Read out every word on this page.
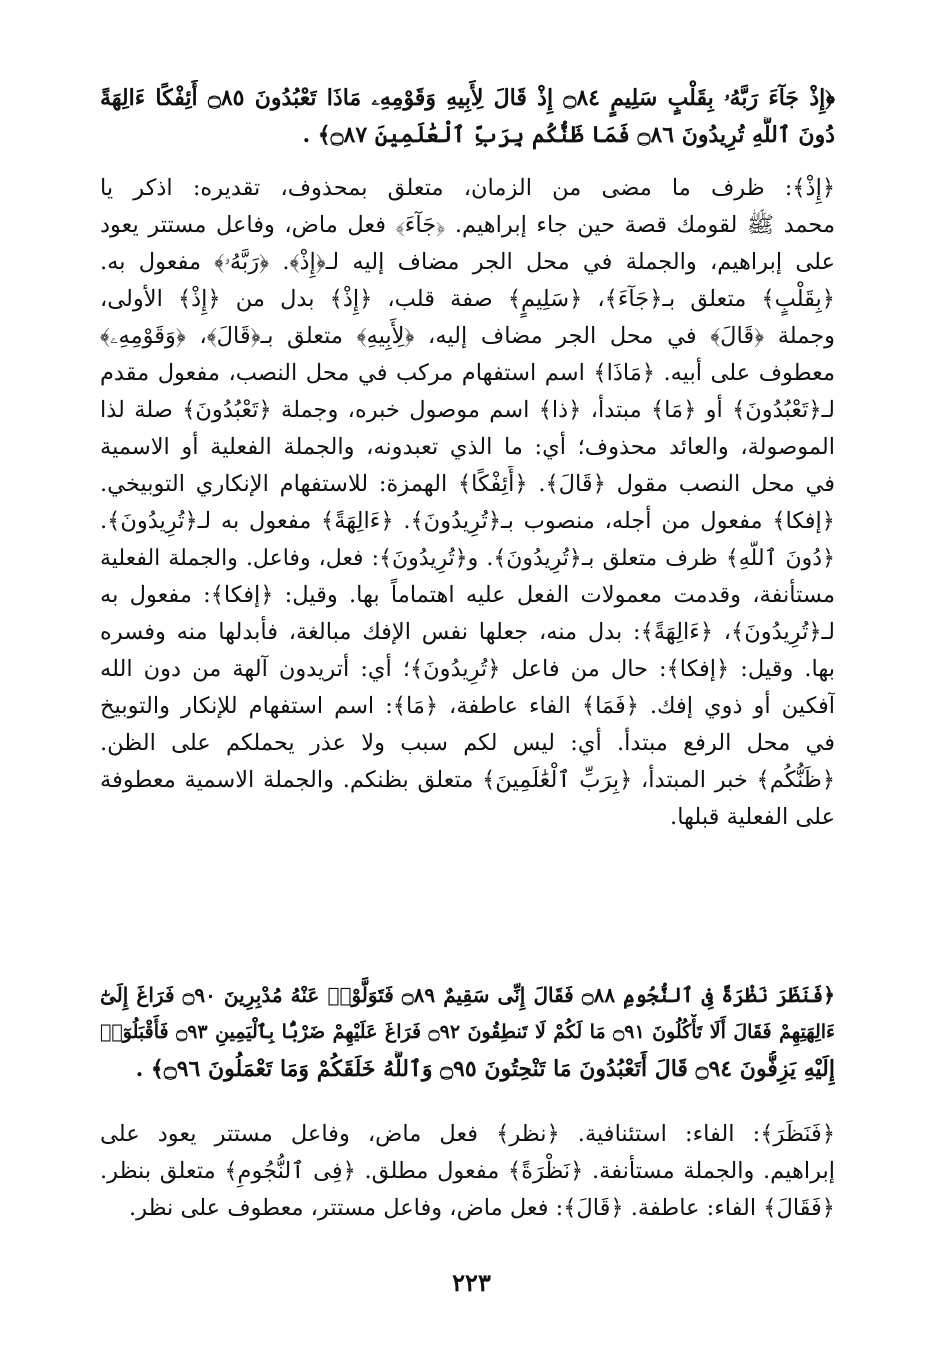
﴿إِذْ جَآءَ رَبَّهُۥ بِقَلْبٍ سَلِيمٍ ۝٨٤ إِذْ قَالَ لِأَبِيهِ وَقَوْمِهِۦ مَاذَا تَعْبُدُونَ ۝٨٥ أَئِفْكًا ءَالِهَةً
دُونَ ٱللَّهِ تُرِيدُونَ ۝٨٦ فَمَا ظَنُّكُم بِرَبِّ ٱلْعَٰلَمِينَ ۝٨٧﴾ .
﴿إِذْ﴾: ظرف ما مضى من الزمان، متعلق بمحذوف، تقديره: اذكر يا
محمد ﷺ لقومك قصة حين جاء إبراهيم. ﴿جَآءَ﴾ فعل ماض، وفاعل مستتر يعود
على إبراهيم، والجملة في محل الجر مضاف إليه لـ﴿إِذْ﴾. ﴿رَبَّهُۥ﴾ مفعول به.
﴿بِقَلْبٍ﴾ متعلق بـ﴿جَآءَ﴾، ﴿سَلِيمٍ﴾ صفة قلب، ﴿إِذْ﴾ بدل من ﴿إِذْ﴾ الأولى،
وجملة ﴿قَالَ﴾ في محل الجر مضاف إليه، ﴿لِأَبِيهِ﴾ متعلق بـ﴿قَالَ﴾، ﴿وَقَوْمِهِۦ﴾
معطوف على أبيه. ﴿مَاذَا﴾ اسم استفهام مركب في محل النصب، مفعول مقدم
لـ﴿تَعْبُدُونَ﴾ أو ﴿مَا﴾ مبتدأ، ﴿ذا﴾ اسم موصول خبره، وجملة ﴿تَعْبُدُونَ﴾ صلة لذا
الموصولة، والعائد محذوف؛ أي: ما الذي تعبدونه، والجملة الفعلية أو الاسمية
في محل النصب مقول ﴿قَالَ﴾. ﴿أَئِفْكًا﴾ الهمزة: للاستفهام الإنكاري التوبيخي.
﴿إفكا﴾ مفعول من أجله، منصوب بـ﴿تُرِيدُونَ﴾. ﴿ءَالِهَةً﴾ مفعول به لـ﴿تُرِيدُونَ﴾.
﴿دُونَ ٱللَّهِ﴾ ظرف متعلق بـ﴿تُرِيدُونَ﴾. و﴿تُرِيدُونَ﴾: فعل، وفاعل. والجملة الفعلية
مستأنفة، وقدمت معمولات الفعل عليه اهتماماً بها. وقيل: ﴿إفكا﴾: مفعول به
لـ﴿تُرِيدُونَ﴾، ﴿ءَالِهَةً﴾: بدل منه، جعلها نفس الإفك مبالغة، فأبدلها منه وفسره
بها. وقيل: ﴿إفكا﴾: حال من فاعل ﴿تُرِيدُونَ﴾؛ أي: أتريدون آلهة من دون الله
آفكين أو ذوي إفك. ﴿فَمَا﴾ الفاء عاطفة، ﴿مَا﴾: اسم استفهام للإنكار والتوبيخ
في محل الرفع مبتدأ. أي: ليس لكم سبب ولا عذر يحملكم على الظن.
﴿ظَنُّكُم﴾ خبر المبتدأ، ﴿بِرَبِّ ٱلْعَٰلَمِينَ﴾ متعلق بظنكم. والجملة الاسمية معطوفة
على الفعلية قبلها.
﴿فَنَظَرَ نَظْرَةً فِى ٱلنُّجُومِ ۝٨٨ فَقَالَ إِنِّى سَقِيمٌ ۝٨٩ فَتَوَلَّوْا۟ عَنْهُ مُدْبِرِينَ ۝٩٠ فَرَاغَ إِلَىٰٓ
ءَالِهَتِهِمْ فَقَالَ أَلَا تَأْكُلُونَ ۝٩١ مَا لَكُمْ لَا تَنطِقُونَ ۝٩٢ فَرَاغَ عَلَيْهِمْ ضَرْبًۢا بِٱلْيَمِينِ ۝٩٣ فَأَقْبَلُوٓا۟
إِلَيْهِ يَزِفُّونَ ۝٩٤ قَالَ أَتَعْبُدُونَ مَا تَنْحِتُونَ ۝٩٥ وَٱللَّهُ خَلَقَكُمْ وَمَا تَعْمَلُونَ ۝٩٦﴾ .
﴿فَنَظَرَ﴾: الفاء: استئنافية. ﴿نظر﴾ فعل ماض، وفاعل مستتر يعود على
إبراهيم. والجملة مستأنفة. ﴿نَظْرَةً﴾ مفعول مطلق. ﴿فِى ٱلنُّجُومِ﴾ متعلق بنظر.
﴿فَقَالَ﴾ الفاء: عاطفة. ﴿قَالَ﴾: فعل ماض، وفاعل مستتر، معطوف على نظر.
٢٢٣
